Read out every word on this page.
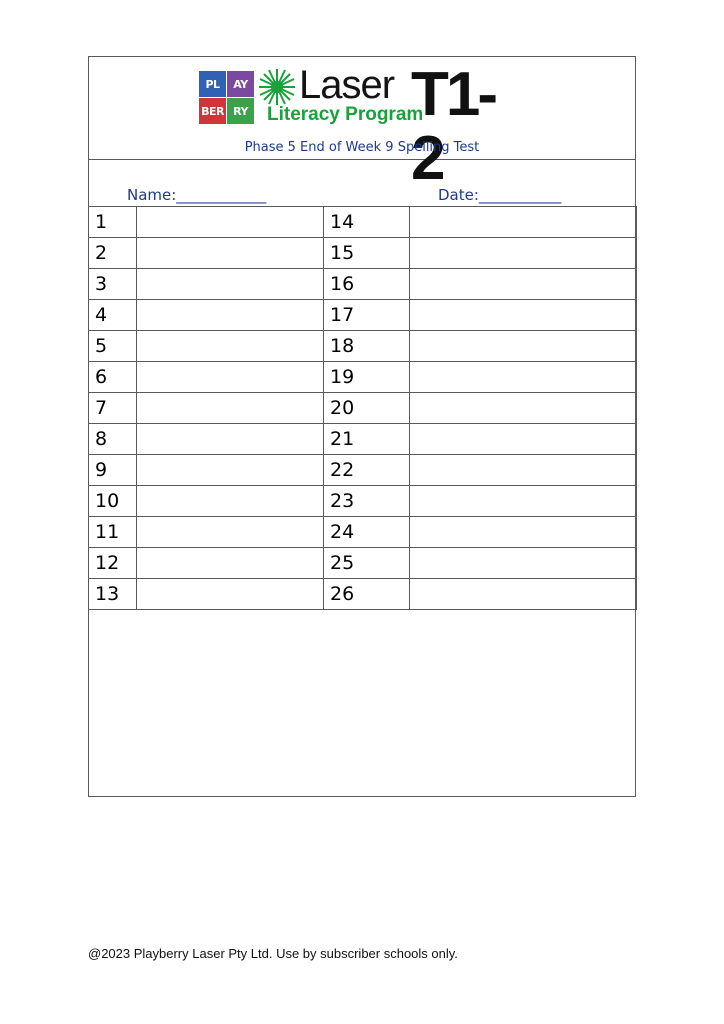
PL	AY
BER RY
Laser
Literacy Program
T1-2
Phase 5 End of Week 9 Spelling Test
Name:____________	Date:___________
1		14	
2		15	
3		16	
4		17	
5		18	
6		19	
7		20	
8		21	
9		22	
10		23	
11		24	
12		25	
13		26	
@2023 Playberry Laser Pty Ltd. Use by subscriber schools only.
